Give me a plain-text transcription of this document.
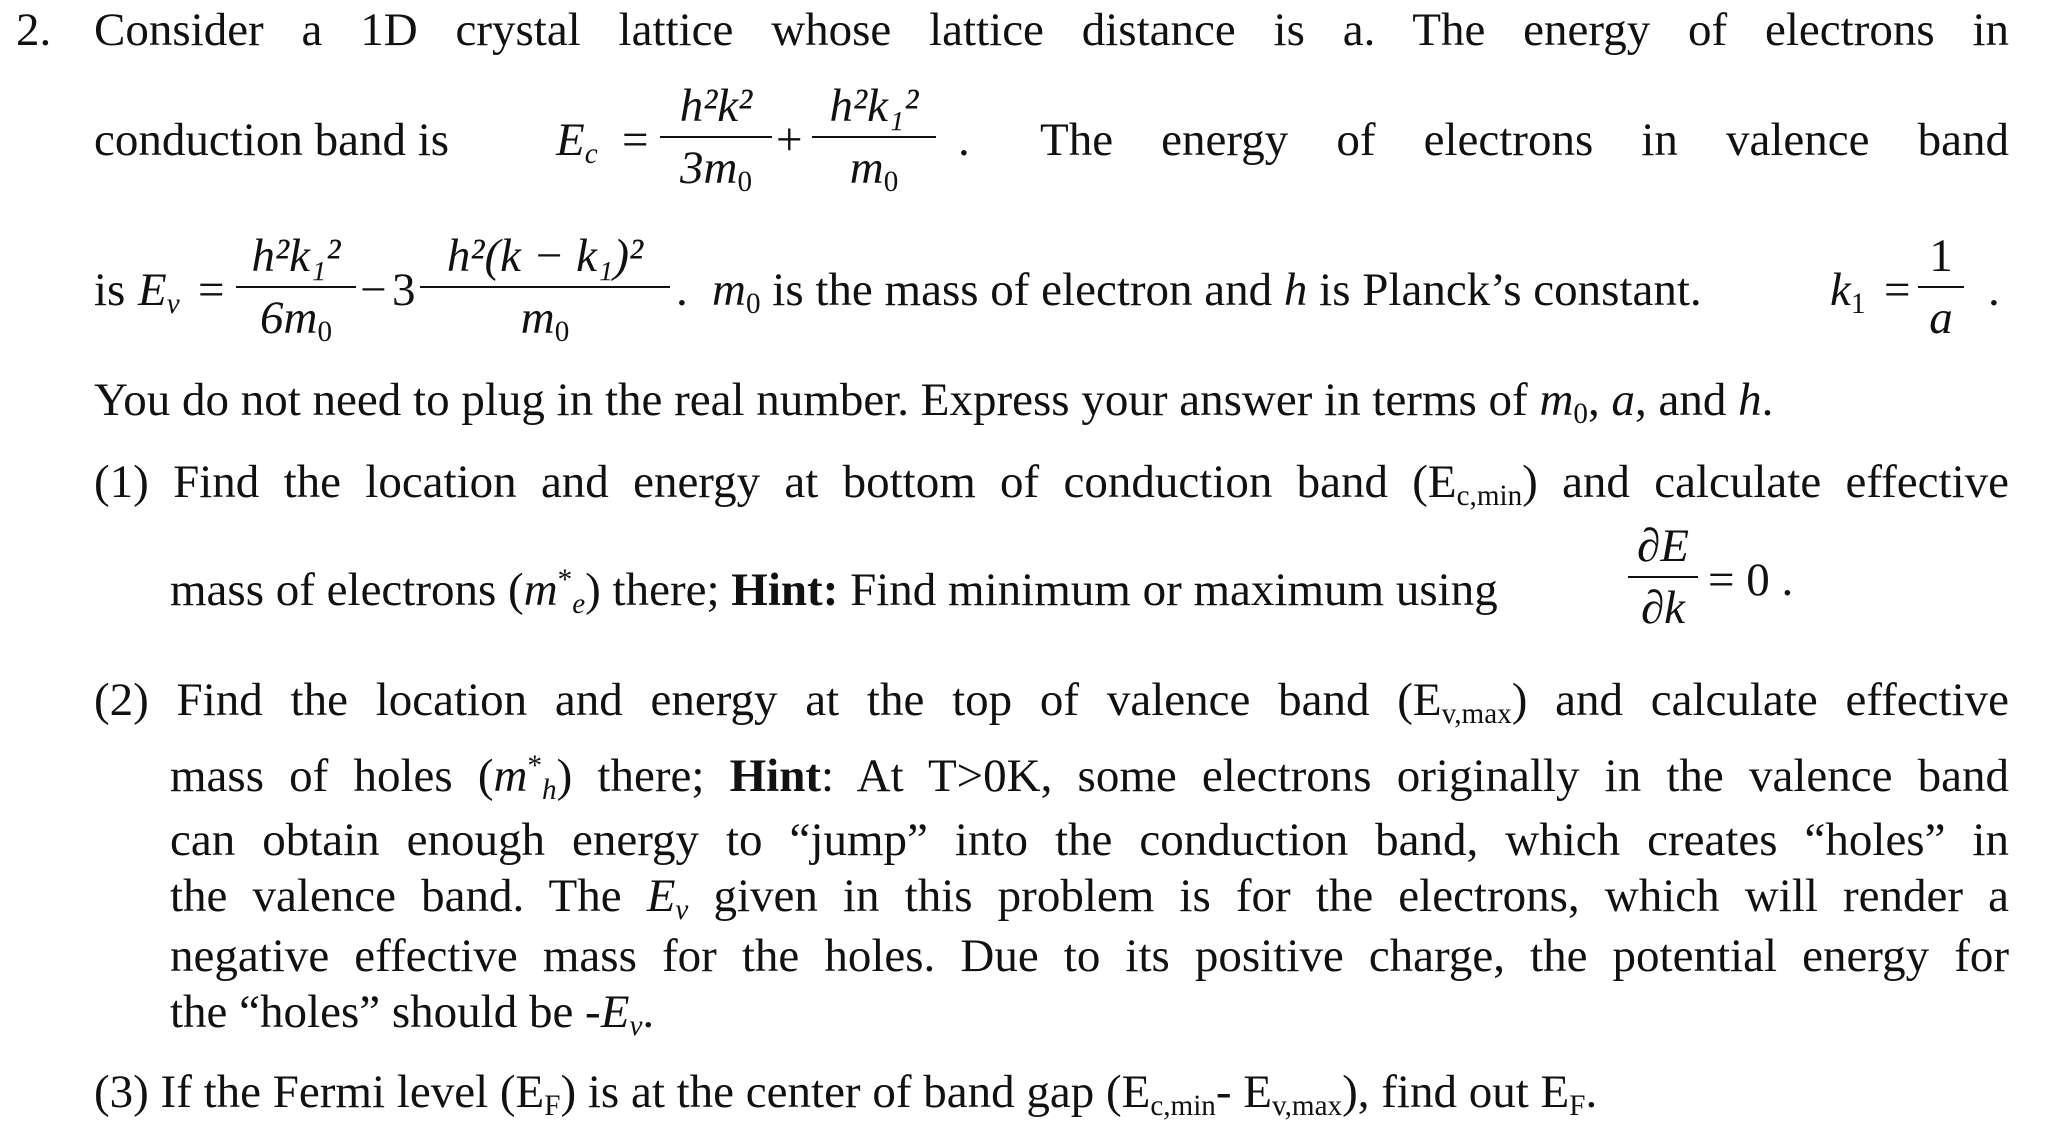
2. Consider a 1D crystal lattice whose lattice distance is a. The energy of electrons in
conduction band is $E_c$ =
h²k²
$3m_0$
+
h²k₁²
$m_0$
. The energy of electrons in valence band
is $E_v$ =
h²k₁²
$6m_0$
− 3
h²(k − k₁)²
$m_0$
. $m_0$ is the mass of electron and h is Planck’s constant.	$k_1$ =
1
a
.
You do not need to plug in the real number. Express your answer in terms of $m_0$, a, and h.
(1) Find the location and energy at bottom of conduction band $(E_{c,min})$ and calculate effective
mass of electrons $(m^*_e)$ there; Hint: Find minimum or maximum using
∂E
∂k
= 0 .
(2) Find the location and energy at the top of valence band $(E_{v,max})$ and calculate effective
mass of holes $(m^*_h)$ there; Hint: At T>0K, some electrons originally in the valence band
can obtain enough energy to “jump” into the conduction band, which creates “holes” in
the valence band. The $E_v$ given in this problem is for the electrons, which will render a
negative effective mass for the holes. Due to its positive charge, the potential energy for
the “holes” should be $-E_v$.
(3) If the Fermi level $(E_F)$ is at the center of band gap ($E_{c,min}-$ $E_{v,max}$), find out $E_F$.
